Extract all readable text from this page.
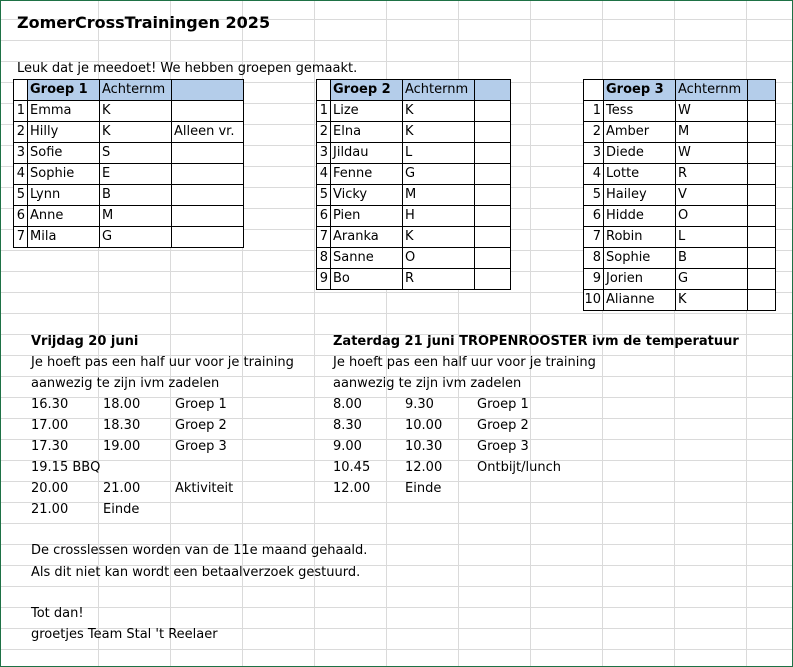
ZomerCrossTrainingen 2025
Leuk dat je meedoet! We hebben groepen gemaakt.
	Groep 1	Achternm	
1	Emma	K	
2	Hilly	K	Alleen vr.
3	Sofie	S	
4	Sophie	E	
5	Lynn	B	
6	Anne	M	
7	Mila	G	
	Groep 2	Achternm	
1	Lize	K	
2	Elna	K	
3	Jildau	L	
4	Fenne	G	
5	Vicky	M	
6	Pien	H	
7	Aranka	K	
8	Sanne	O	
9	Bo	R	
	Groep 3	Achternm	
1	Tess	W	
2	Amber	M	
3	Diede	W	
4	Lotte	R	
5	Hailey	V	
6	Hidde	O	
7	Robin	L	
8	Sophie	B	
9	Jorien	G	
10	Alianne	K	
Vrijdag 20 juni
Je hoeft pas een half uur voor je training
aanwezig te zijn ivm zadelen
16.30	18.00	Groep 1
17.00	18.30	Groep 2
17.30	19.00	Groep 3
19.15 BBQ
20.00	21.00	Aktiviteit
21.00	Einde
Zaterdag 21 juni TROPENROOSTER ivm de temperatuur
Je hoeft pas een half uur voor je training
aanwezig te zijn ivm zadelen
8.00	9.30	Groep 1
8.30	10.00	Groep 2
9.00	10.30	Groep 3
10.45	12.00	Ontbijt/lunch
12.00	Einde
De crosslessen worden van de 11e maand gehaald.
Als dit niet kan wordt een betaalverzoek gestuurd.
Tot dan!
groetjes Team Stal 't Reelaer
